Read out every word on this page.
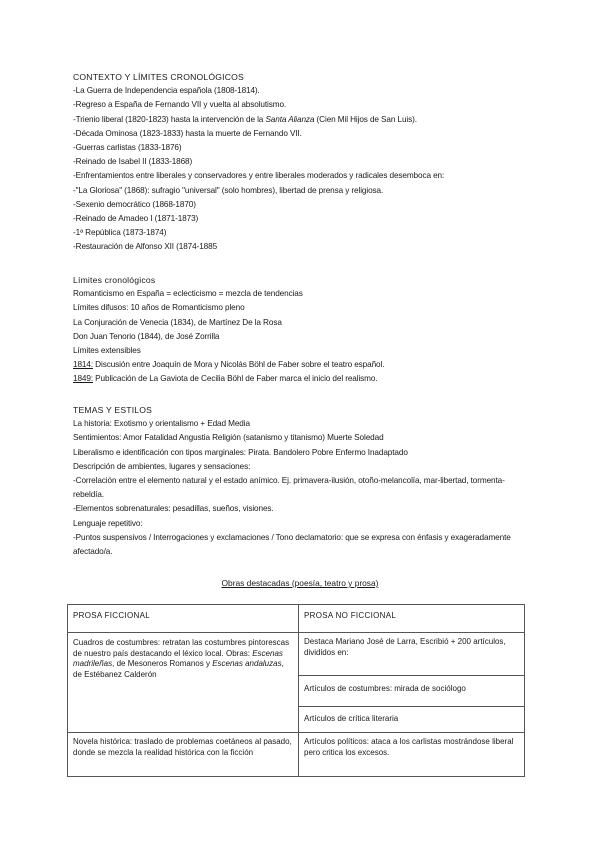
CONTEXTO Y LÍMITES CRONOLÓGICOS
-La Guerra de Independencia española (1808-1814).
-Regreso a España de Fernando VII y vuelta al absolutismo.
-Trienio liberal (1820-1823) hasta la intervención de la Santa Alianza (Cien Mil Hijos de San Luis).
-Década Ominosa (1823-1833) hasta la muerte de Fernando VII.
-Guerras carlistas (1833-1876)
-Reinado de Isabel II (1833-1868)
-Enfrentamientos entre liberales y conservadores y entre liberales moderados y radicales desemboca en:
-"La Gloriosa" (1868): sufragio "universal" (solo hombres), libertad de prensa y religiosa.
-Sexenio democrático (1868-1870)
-Reinado de Amadeo I (1871-1873)
-1ª República (1873-1874)
-Restauración de Alfonso XII (1874-1885
Límites cronológicos
Romanticismo en España = eclecticismo = mezcla de tendencias
Límites difusos: 10 años de Romanticismo pleno
La Conjuración de Venecia (1834), de Martínez De la Rosa
Don Juan Tenorio (1844), de José Zorrilla
Límites extensibles
1814: Discusión entre Joaquín de Mora y Nicolás Böhl de Faber sobre el teatro español.
1849: Publicación de La Gaviota de Cecilia Böhl de Faber marca el inicio del realismo.
TEMAS Y ESTILOS
La historia: Exotismo y orientalismo + Edad Media
Sentimientos: Amor Fatalidad Angustia Religión (satanismo y titanismo) Muerte Soledad
Liberalismo e identificación con tipos marginales: Pirata. Bandolero Pobre Enfermo Inadaptado
Descripción de ambientes, lugares y sensaciones:
-Correlación entre el elemento natural y el estado anímico. Ej. primavera-ilusión, otoño-melancolía, mar-libertad, tormenta-rebeldía.
-Elementos sobrenaturales: pesadillas, sueños, visiones.
Lenguaje repetitivo:
-Puntos suspensivos / Interrogaciones y exclamaciones / Tono declamatorio: que se expresa con énfasis y exageradamente afectado/a.
Obras destacadas (poesía, teatro y prosa)
PROSA FICCIONAL	PROSA NO FICCIONAL
Cuadros de costumbres: retratan las costumbres pintorescas de nuestro país destacando el léxico local. Obras: Escenas madrileñas, de Mesoneros Romanos y Escenas andaluzas, de Estébanez Calderón	Destaca Mariano José de Larra, Escribió + 200 artículos, divididos en:
	Artículos de costumbres: mirada de sociólogo
	Artículos de crítica literaria
Novela histórica: traslado de problemas coetáneos al pasado, donde se mezcla la realidad histórica con la ficción	Artículos políticos: ataca a los carlistas mostrándose liberal pero critica los excesos.
